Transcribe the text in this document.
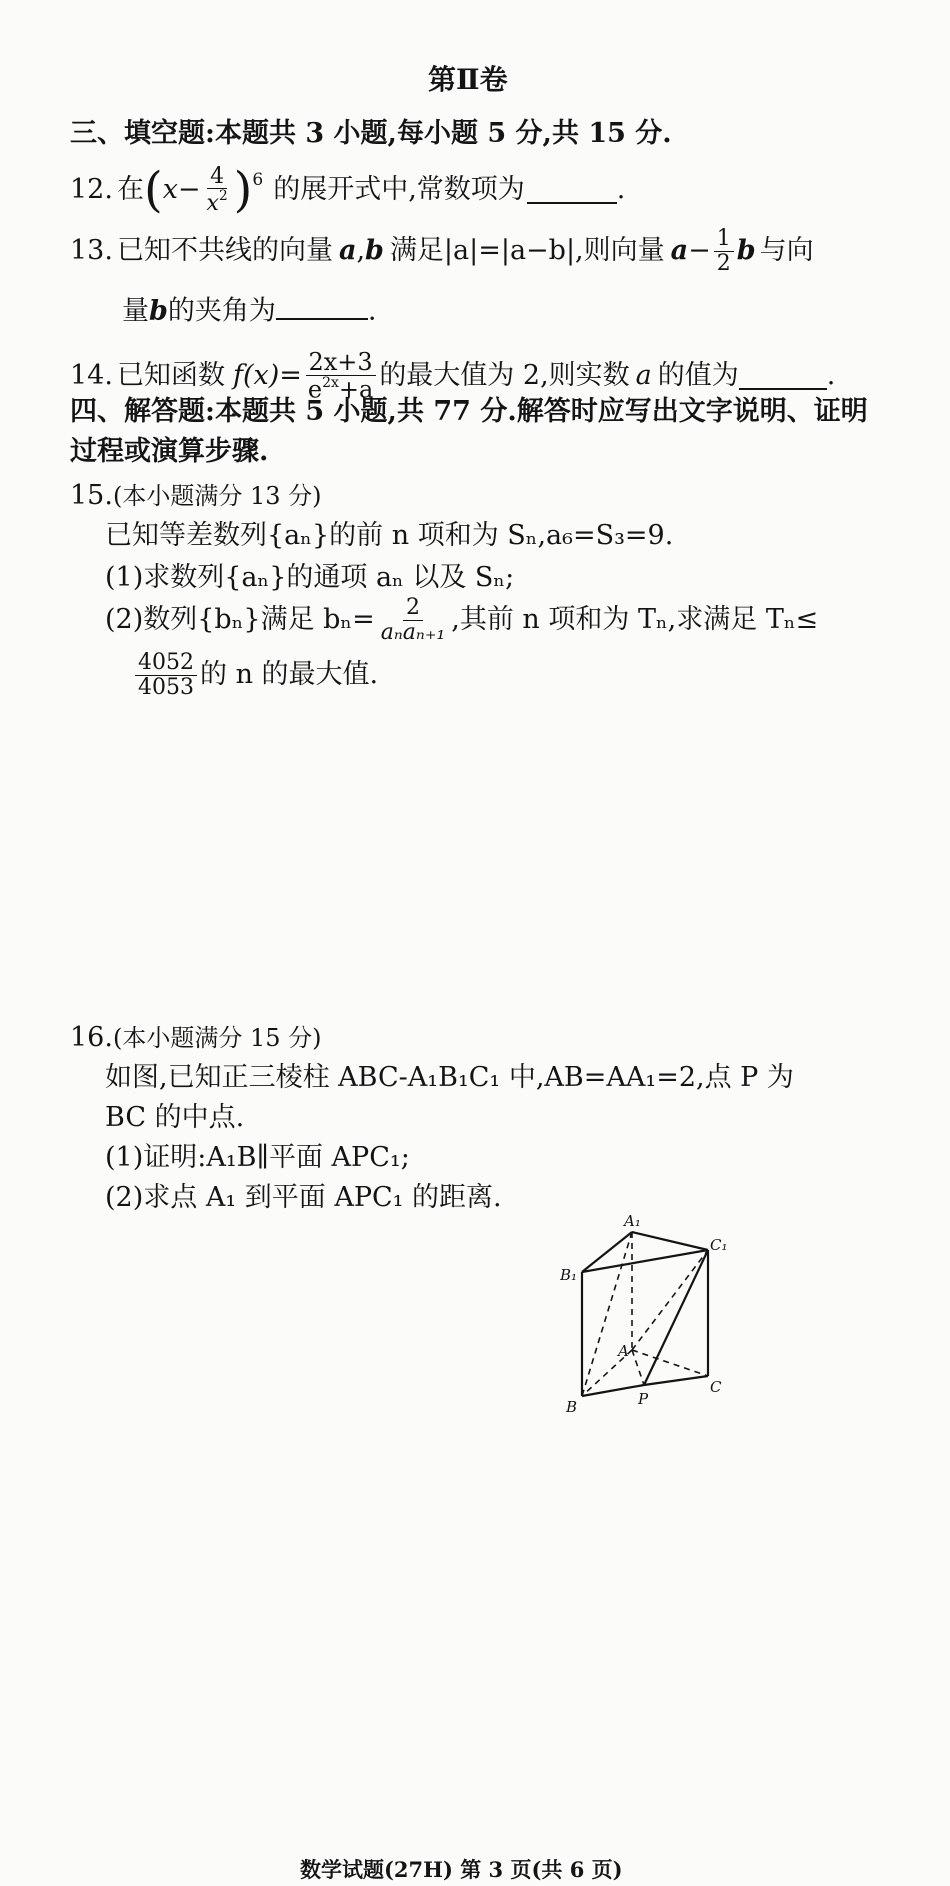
第Ⅱ卷
三、填空题:本题共 3 小题,每小题 5 分,共 15 分.
12. 在 ( $x - \frac{4}{x^2}$ ) 6 的展开式中,常数项为	.
13. 已知不共线的向量 a , b 满足|a|=|a−b|,则向量 $a - \frac{1}{2}$ b 与向
量b的夹角为	.
14. 已知函数 $f(x)= \frac{2x+3}{e^{2x}+a}$ 的最大值为 2,则实数 a 的值为	.
四、解答题:本题共 5 小题,共 77 分.解答时应写出文字说明、证明
过程或演算步骤.
15.(本小题满分 13 分)
已知等差数列{aₙ}的前 n 项和为 Sₙ,a₆=S₃=9.
(1)求数列{aₙ}的通项 aₙ 以及 Sₙ;
(2)数列{bₙ}满足 $b_n= \frac{2}{\text{aₙaₙ₊₁}}$ ,其前 n 项和为 Tₙ,求满足 Tₙ≤
$\frac{4052}{4053}$ 的 n 的最大值.
16.(本小题满分 15 分)
如图,已知正三棱柱 ABC-A₁B₁C₁ 中,AB=AA₁=2,点 P 为
BC 的中点.
(1)证明:A₁B∥平面 APC₁;
(2)求点 A₁ 到平面 APC₁ 的距离.
A₁
B₁
C₁
A
B
C
P
数学试题(27H) 第 3 页(共 6 页)
